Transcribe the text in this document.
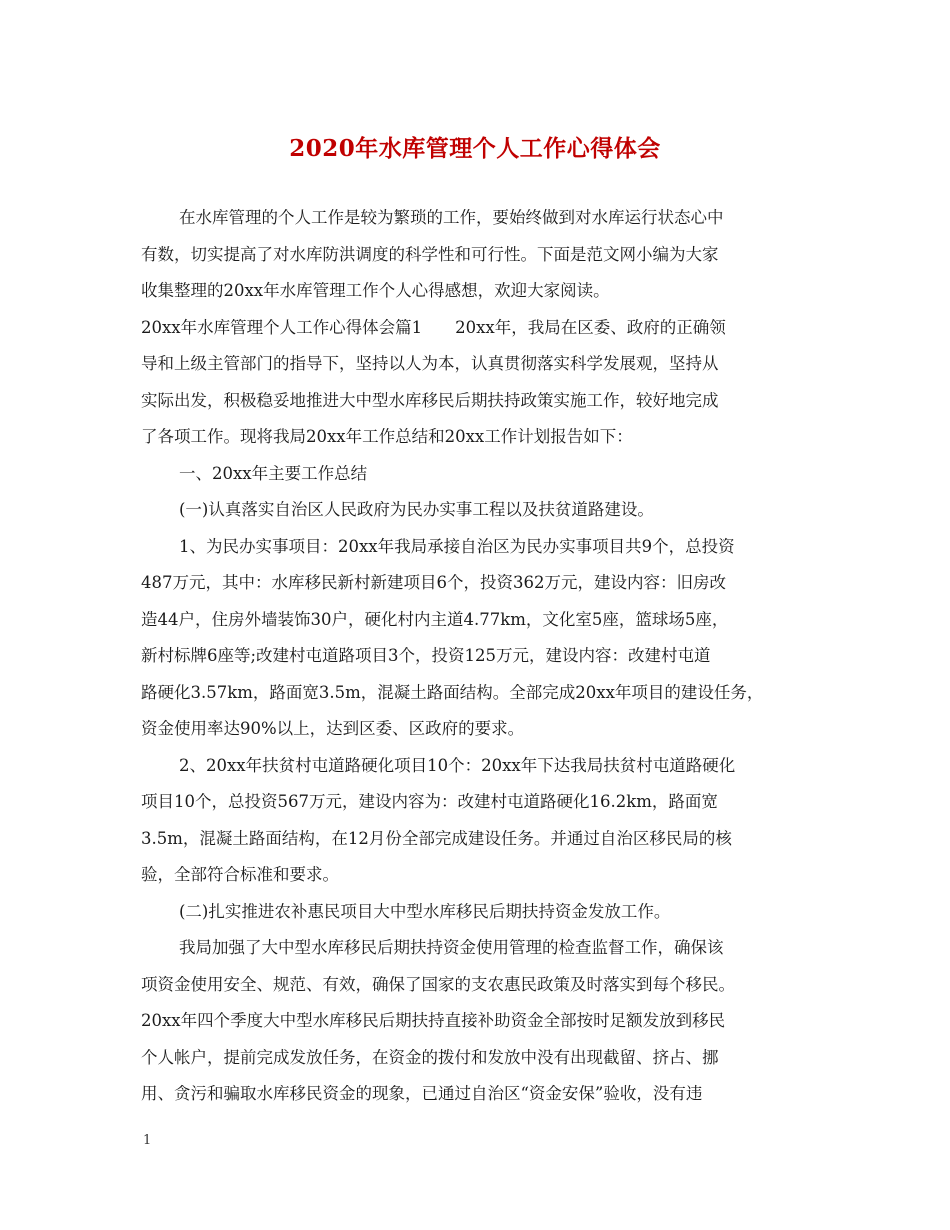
2020年水库管理个人工作心得体会
在水库管理的个人工作是较为繁琐的工作，要始终做到对水库运行状态心中
有数，切实提高了对水库防洪调度的科学性和可行性。下面是范文网小编为大家
收集整理的20xx年水库管理工作个人心得感想，欢迎大家阅读。
20xx年水库管理个人工作心得体会篇1　　20xx年，我局在区委、政府的正确领
导和上级主管部门的指导下，坚持以人为本，认真贯彻落实科学发展观，坚持从
实际出发，积极稳妥地推进大中型水库移民后期扶持政策实施工作，较好地完成
了各项工作。现将我局20xx年工作总结和20xx工作计划报告如下：
一、20xx年主要工作总结
(一)认真落实自治区人民政府为民办实事工程以及扶贫道路建设。
1、为民办实事项目：20xx年我局承接自治区为民办实事项目共9个，总投资
487万元，其中：水库移民新村新建项目6个，投资362万元，建设内容：旧房改
造44户，住房外墙装饰30户，硬化村内主道4.77km，文化室5座，篮球场5座，
新村标牌6座等;改建村屯道路项目3个，投资125万元，建设内容：改建村屯道
路硬化3.57km，路面宽3.5m，混凝土路面结构。全部完成20xx年项目的建设任务，
资金使用率达90%以上，达到区委、区政府的要求。
2、20xx年扶贫村屯道路硬化项目10个：20xx年下达我局扶贫村屯道路硬化
项目10个，总投资567万元，建设内容为：改建村屯道路硬化16.2km，路面宽
3.5m，混凝土路面结构，在12月份全部完成建设任务。并通过自治区移民局的核
验，全部符合标准和要求。
(二)扎实推进农补惠民项目大中型水库移民后期扶持资金发放工作。
我局加强了大中型水库移民后期扶持资金使用管理的检查监督工作，确保该
项资金使用安全、规范、有效，确保了国家的支农惠民政策及时落实到每个移民。
20xx年四个季度大中型水库移民后期扶持直接补助资金全部按时足额发放到移民
个人帐户，提前完成发放任务，在资金的拨付和发放中没有出现截留、挤占、挪
用、贪污和骗取水库移民资金的现象，已通过自治区“资金安保”验收，没有违
1
